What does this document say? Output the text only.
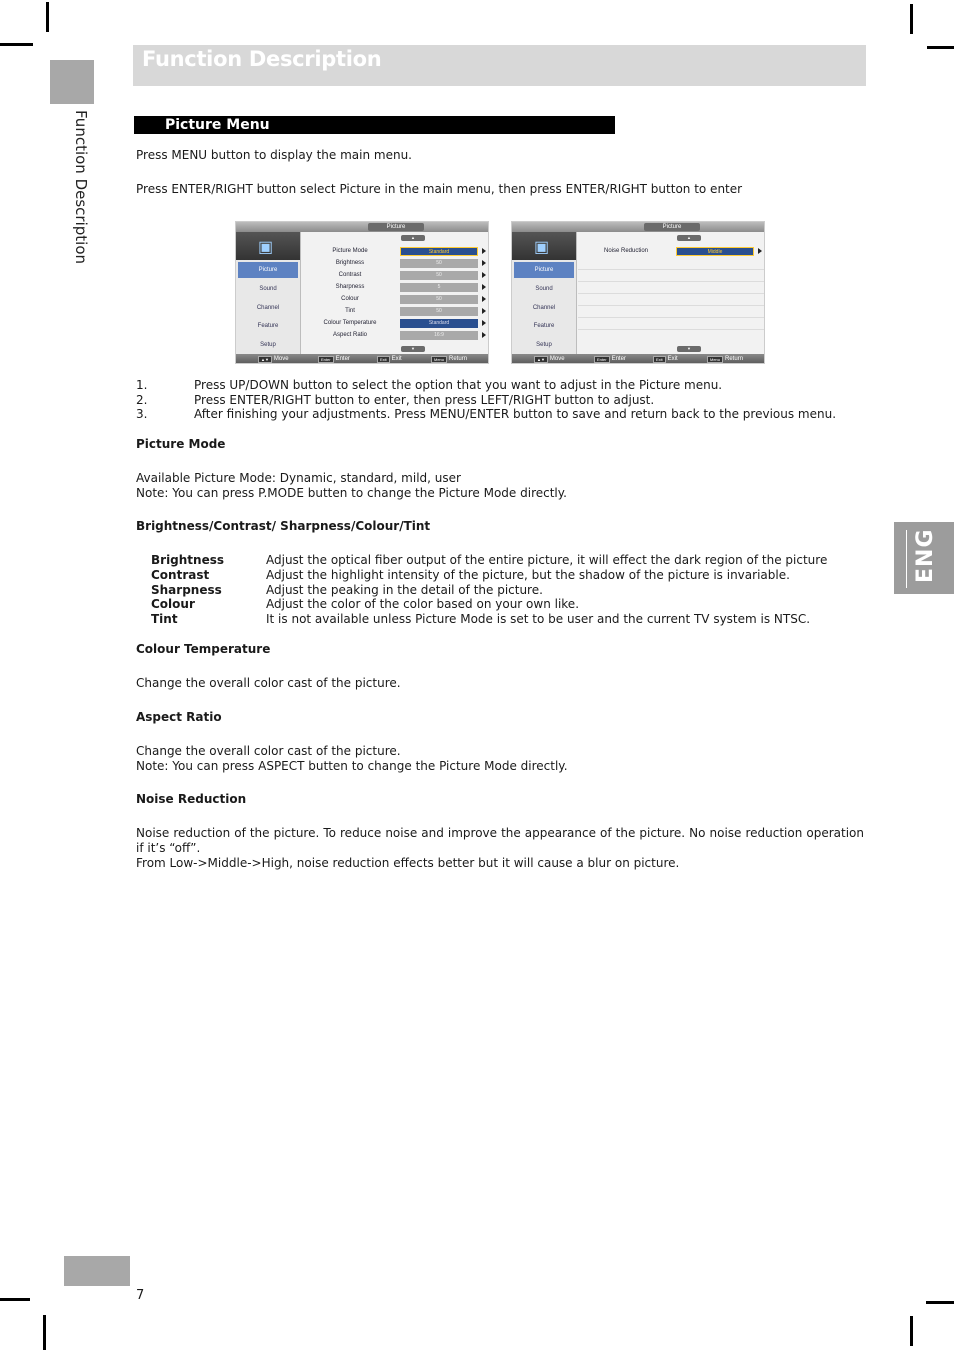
Function Description
Function Description
ENG
Picture Menu
Press MENU button to display the main menu.
Press ENTER/RIGHT button select Picture in the main menu, then press ENTER/RIGHT button to enter
Picture
▣
Picture
Sound
Channel
Feature
Setup
▲
Picture Mode	Standard
Brightness	50
Contrast	50
Sharpness	5
Colour	50
Tint	50
Colour Temperature	Standard
Aspect Ratio	16:9
▼
▲▼ Move	Enter Enter	Exit Exit	Menu Return
Picture
▣
Picture
Sound
Channel
Feature
Setup
▲
Noise Reduction	Middle
▼
▲▼ Move	Enter Enter	Exit Exit	Menu Return
1.	Press UP/DOWN button to select the option that you want to adjust in the Picture menu.
2.	Press ENTER/RIGHT button to enter, then press LEFT/RIGHT button to adjust.
3.	After finishing your adjustments. Press MENU/ENTER button to save and return back to the previous menu.
Picture Mode
Available Picture Mode: Dynamic, standard, mild, user
Note: You can press P.MODE butten to change the Picture Mode directly.
Brightness/Contrast/ Sharpness/Colour/Tint
Brightness	Adjust the optical fiber output of the entire picture, it will effect the dark region of the picture
Contrast	Adjust the highlight intensity of the picture, but the shadow of the picture is invariable.
Sharpness	Adjust the peaking in the detail of the picture.
Colour	Adjust the color of the color based on your own like.
Tint	It is not available unless Picture Mode is set to be user and the current TV system is NTSC.
Colour Temperature
Change the overall color cast of the picture.
Aspect Ratio
Change the overall color cast of the picture.
Note: You can press ASPECT butten to change the Picture Mode directly.
Noise Reduction
Noise reduction of the picture. To reduce noise and improve the appearance of the picture. No noise reduction operation if it’s “off”.
From Low->Middle->High, noise reduction effects better but it will cause a blur on picture.
7
